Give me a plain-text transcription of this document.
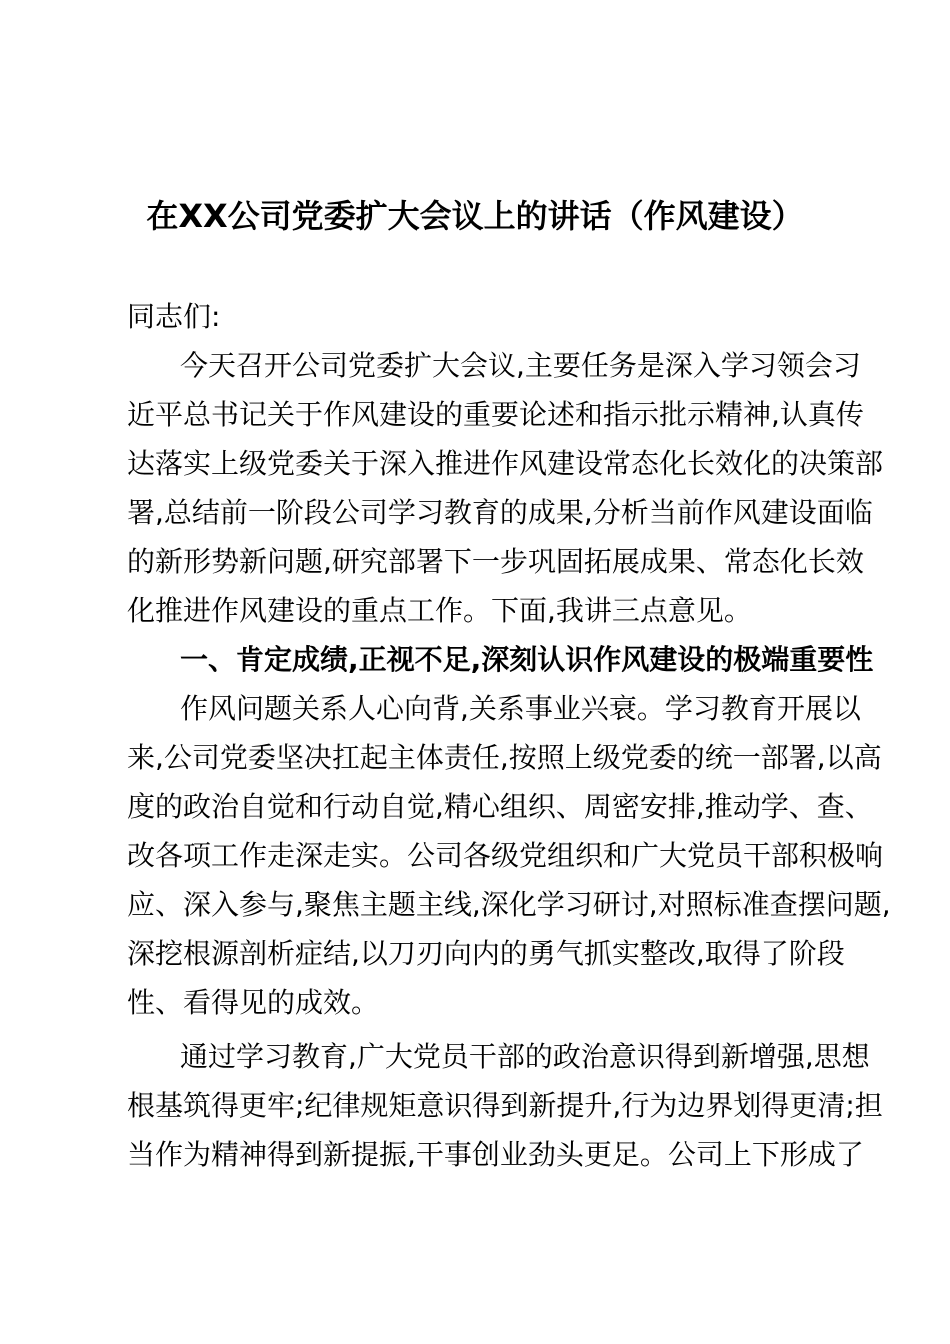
在XX公司党委扩大会议上的讲话（作风建设）
同志们:
今天召开公司党委扩大会议,主要任务是深入学习领会习
近平总书记关于作风建设的重要论述和指示批示精神,认真传
达落实上级党委关于深入推进作风建设常态化长效化的决策部
署,总结前一阶段公司学习教育的成果,分析当前作风建设面临
的新形势新问题,研究部署下一步巩固拓展成果、常态化长效
化推进作风建设的重点工作。下面,我讲三点意见。
一、肯定成绩,正视不足,深刻认识作风建设的极端重要性
作风问题关系人心向背,关系事业兴衰。学习教育开展以
来,公司党委坚决扛起主体责任,按照上级党委的统一部署,以高
度的政治自觉和行动自觉,精心组织、周密安排,推动学、查、
改各项工作走深走实。公司各级党组织和广大党员干部积极响
应、深入参与,聚焦主题主线,深化学习研讨,对照标准查摆问题,
深挖根源剖析症结,以刀刃向内的勇气抓实整改,取得了阶段
性、看得见的成效。
通过学习教育,广大党员干部的政治意识得到新增强,思想
根基筑得更牢;纪律规矩意识得到新提升,行为边界划得更清;担
当作为精神得到新提振,干事创业劲头更足。公司上下形成了
